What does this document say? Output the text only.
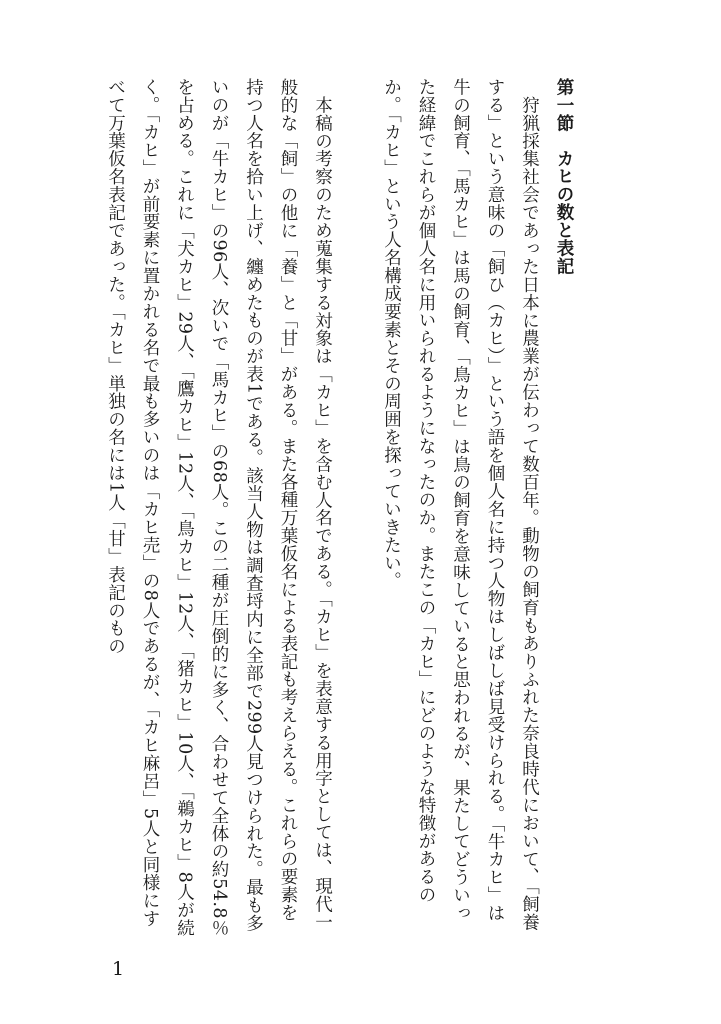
第一節　カヒの数と表記

狩猟採集社会であった日本に農業が伝わって数百年。動物の飼育もありふれた奈良時代において、「飼養する」という意味の「飼ひ（カヒ）」という語を個人名に持つ人物はしばしば見受けられる。「牛カヒ」は牛の飼育、「馬カヒ」は馬の飼育、「鳥カヒ」は鳥の飼育を意味していると思われるが、果たしてどういった経緯でこれらが個人名に用いられるようになったのか。またこの「カヒ」にどのような特徴があるのか。「カヒ」という人名構成要素とその周囲を探っていきたい。

本稿の考察のため蒐集する対象は「カヒ」を含む人名である。「カヒ」を表意する用字としては、現代一般的な「飼」の他に「養」と「甘」がある。また各種万葉仮名による表記も考えらえる。これらの要素を持つ人名を拾い上げ、纏めたものが表1である。該当人物は調査埒内に全部で299人見つけられた。最も多いのが「牛カヒ」の96人、次いで「馬カヒ」の68人。この二種が圧倒的に多く、合わせて全体の約54.8％を占める。これに「犬カヒ」29人、「鷹カヒ」12人、「鳥カヒ」12人、「猪カヒ」10人、「鵜カヒ」8人が続く。「カヒ」が前要素に置かれる名で最も多いのは「カヒ売」の8人であるが、「カヒ麻呂」5人と同様にすべて万葉仮名表記であった。「カヒ」単独の名には1人「甘」表記のもの

1
